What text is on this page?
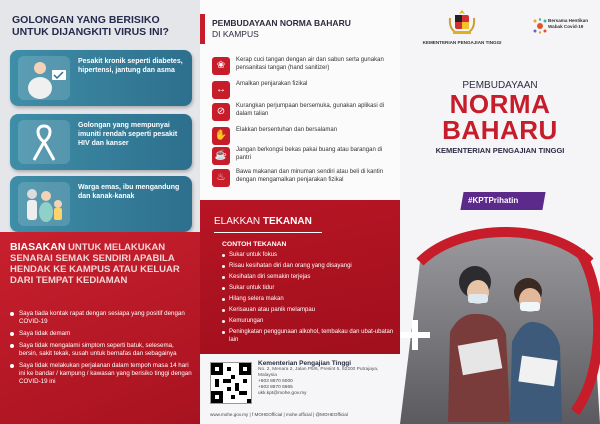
GOLONGAN YANG BERISIKO UNTUK DIJANGKITI VIRUS INI?
Pesakit kronik seperti diabetes, hipertensi, jantung dan asma
Golongan yang mempunyai imuniti rendah seperti pesakit HIV dan kanser
Warga emas, ibu mengandung dan kanak-kanak
BIASAKAN UNTUK MELAKUKAN SENARAI SEMAK SENDIRI APABILA HENDAK KE KAMPUS ATAU KELUAR DARI TEMPAT KEDIAMAN
Saya tiada kontak rapat dengan sesiapa yang positif dengan COVID-19
Saya tidak demam
Saya tidak mengalami simptom seperti batuk, selesema, bersin, sakit tekak, susah untuk bernafas dan sebagainya
Saya tidak melakukan perjalanan dalam tempoh masa 14 hari ini ke bandar / kampung / kawasan yang berisiko tinggi dengan COVID-19 ini
PEMBUDAYAAN NORMA BAHARU
DI KAMPUS
❀	Kerap cuci tangan dengan air dan sabun serta gunakan pensanitasi tangan (hand sanitizer)
↔	Amalkan penjarakan fizikal
⊘	Kurangkan perjumpaan bersemuka, gunakan aplikasi di dalam talian
✋	Elakkan bersentuhan dan bersalaman
☕	Jangan berkongsi bekas pakai buang atau barangan di pantri
♨	Bawa makanan dan minuman sendiri atau beli di kantin dengan mengamalkan penjarakan fizikal
ELAKKAN TEKANAN
CONTOH TEKANAN
Sukar untuk fokus
Risau kesihatan diri dan orang yang disayangi
Kesihatan diri semakin terjejas
Sukar untuk tidur
Hilang selera makan
Kerisauan atau panik melampau
Kemurungan
Peningkatan penggunaan alkohol, tembakau dan ubat-ubatan lain
Kementerian Pengajian Tinggi
No. 2, Menara 2, Jalan P5/6, Presint 5, 62200 Putrajaya, Malaysia
+603 8870 6000
+603 8870 6865
ukk.kpt@mohe.gov.my
www.mohe.gov.my | f MOHEOfficial | mohe.official | @MOHEOfficial
KEMENTERIAN PENGAJIAN TINGGI
Bersama Hentikan Wabak Covid-19
PEMBUDAYAAN
NORMA
BAHARU
KEMENTERIAN PENGAJIAN TINGGI
#KPTPrihatin
